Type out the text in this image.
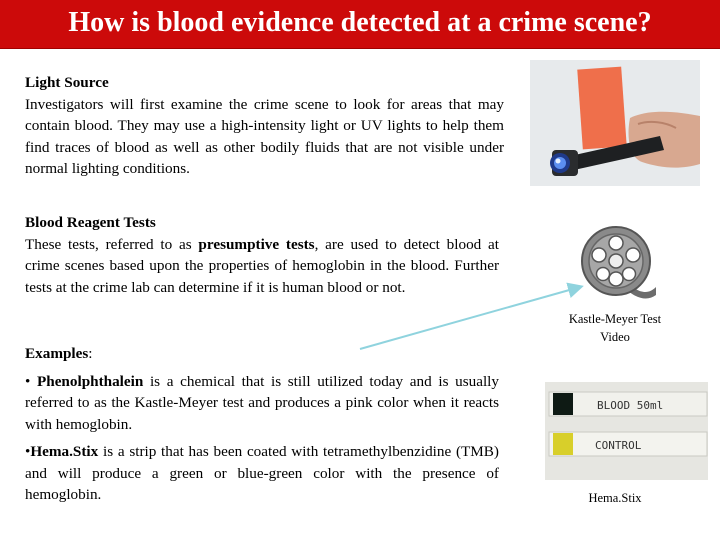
How is blood evidence detected at a crime scene?
Light Source
Investigators will first examine the crime scene to look for areas that may contain blood. They may use a high-intensity light or UV lights to help them find traces of blood as well as other bodily fluids that are not visible under normal lighting conditions.
Blood Reagent Tests
These tests, referred to as presumptive tests, are used to detect blood at crime scenes based upon the properties of hemoglobin in the blood. Further tests at the crime lab can determine if it is human blood or not.
Examples:
• Phenolphthalein is a chemical that is still utilized today and is usually referred to as the Kastle-Meyer test and produces a pink color when it reacts with hemoglobin.
•Hema.Stix is a strip that has been coated with tetramethylbenzidine (TMB) and will produce a green or blue-green color with the presence of hemoglobin.
Kastle-Meyer Test
Video
BLOOD 50ml
CONTROL
Hema.Stix
